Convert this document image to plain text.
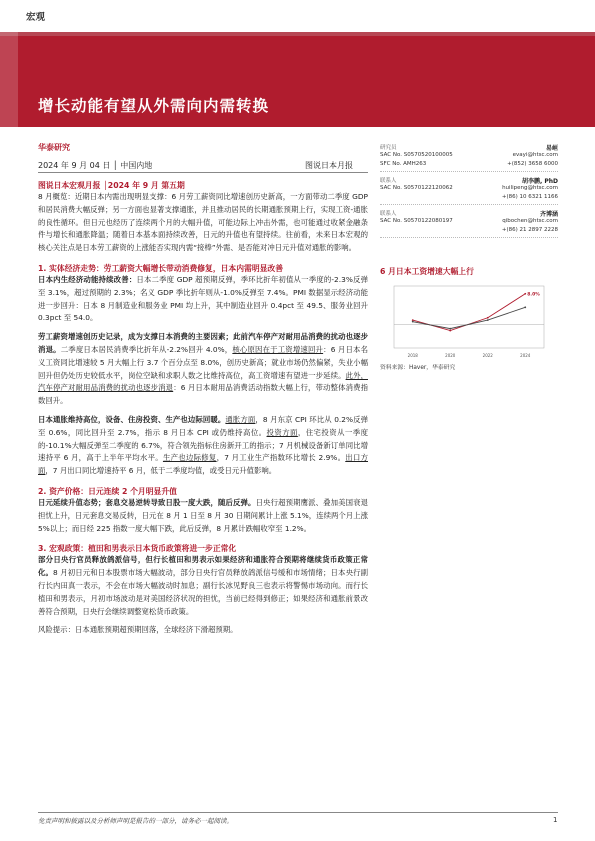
宏观
增长动能有望从外需向内需转换
华泰研究
2024 年 9 月 04 日 │ 中国内地	图说日本月报
研究员	易峘
SAC No. S0570520100005	evayi@htsc.com
SFC No. AMH263	+(852) 3658 6000
联系人	胡李鹏, PhD
SAC No. S0570122120062	huilipeng@htsc.com
+(86) 10 6321 1166
联系人	齐博涵
SAC No. S0570122080197	qibochen@htsc.com
+(86) 21 2897 2228
6 月日本工资增速大幅上行
2018	2020	2022	2024
8.0%
资料来源：Haver，华泰研究
图说日本宏观月报 │2024 年 9 月 第五期

8 月概览：近期日本内需出现明显支撑：6 月劳工薪资同比增速创历史新高，一方面带动二季度 GDP 和居民消费大幅反弹；另一方面也显著支撑通胀，并且推动居民的长期通胀预期上行，实现工资-通胀的良性循环。但日元也经历了连续两个月的大幅升值，可能边际上冲击外需，也可能通过收紧金融条件与增长和通胀降温；随着日本基本面持续改善，日元的升值也有望持续。往前看，未来日本宏观的核心关注点是日本劳工薪资的上涨能否实现内需“接棒”外需、是否能对冲日元升值对通胀的影响。

1. 实体经济走势：劳工薪资大幅增长带动消费修复，日本内需明显改善

日本内生经济动能持续改善：日本二季度 GDP 超预期反弹，季环比折年初值从一季度的-2.3%反弹至 3.1%，超过预期的 2.3%；名义 GDP 季比折年则从-1.0%反弹至 7.4%。PMI 数据显示经济动能进一步回升：日本 8 月制造业和服务业 PMI 均上升，其中制造业回升 0.4pct 至 49.5、服务业回升 0.3pct 至 54.0。

劳工薪资增速创历史记录，成为支撑日本消费的主要因素；此前汽车停产对耐用品消费的扰动也逐步消退。二季度日本居民消费季比折年从-2.2%回升 4.0%，核心原因在于工资增速回升：6 月日本名义工资同比增速较 5 月大幅上行 3.7 个百分点至 8.0%，创历史新高；就业市场仍然偏紧，失业小幅回升但仍处历史较低水平，岗位空缺和求职人数之比维持高位，高工资增速有望进一步延续。此外，汽车停产对耐用品消费的扰动也逐步消退：6 月日本耐用品消费活动指数大幅上行，带动整体消费指数回升。

日本通胀维持高位，设备、住房投资、生产也边际回暖。通胀方面，8 月东京 CPI 环比从 0.2%反弹至 0.6%，同比回升至 2.7%，指示 8 月日本 CPI 或仍维持高位。投资方面，住宅投资从一季度的-10.1%大幅反弹至二季度的 6.7%，符合领先指标住房新开工的指示；7 月机械设备新订单同比增速持平 6 月，高于上半年平均水平。生产也边际修复，7 月工业生产指数环比增长 2.9%。出口方面，7 月出口同比增速持平 6 月，低于二季度均值，或受日元升值影响。

2. 资产价格：日元连续 2 个月明显升值

日元延续升值态势；套息交易逆转导致日股一度大跌，随后反弹。日央行超预期鹰派、叠加美国衰退担忧上升，日元套息交易反转，日元在 8 月 1 日至 8 月 30 日期间累计上涨 5.1%，连续两个月上涨 5%以上；而日经 225 指数一度大幅下跌，此后反弹，8 月累计跌幅收窄至 1.2%。

3. 宏观政策：植田和男表示日本货币政策将进一步正常化

部分日央行官员释放鸽派信号，但行长植田和男表示如果经济和通胀符合预期将继续货币政策正常化。8 月初日元和日本股票市场大幅波动，部分日央行官员释放鸽派信号缓和市场情绪；日本央行副行长内田真一表示，不会在市场大幅波动时加息；副行长冰见野良三也表示将警惕市场动向。而行长植田和男表示，月初市场波动是对美国经济状况的担忧，当前已经得到修正；如果经济和通胀前景改善符合预期，日央行会继续调整宽松货币政策。

风险提示：日本通胀预期超预期回落，全球经济下滑超预期。

免责声明和披露以及分析师声明是报告的一部分，请务必一起阅读。	1
